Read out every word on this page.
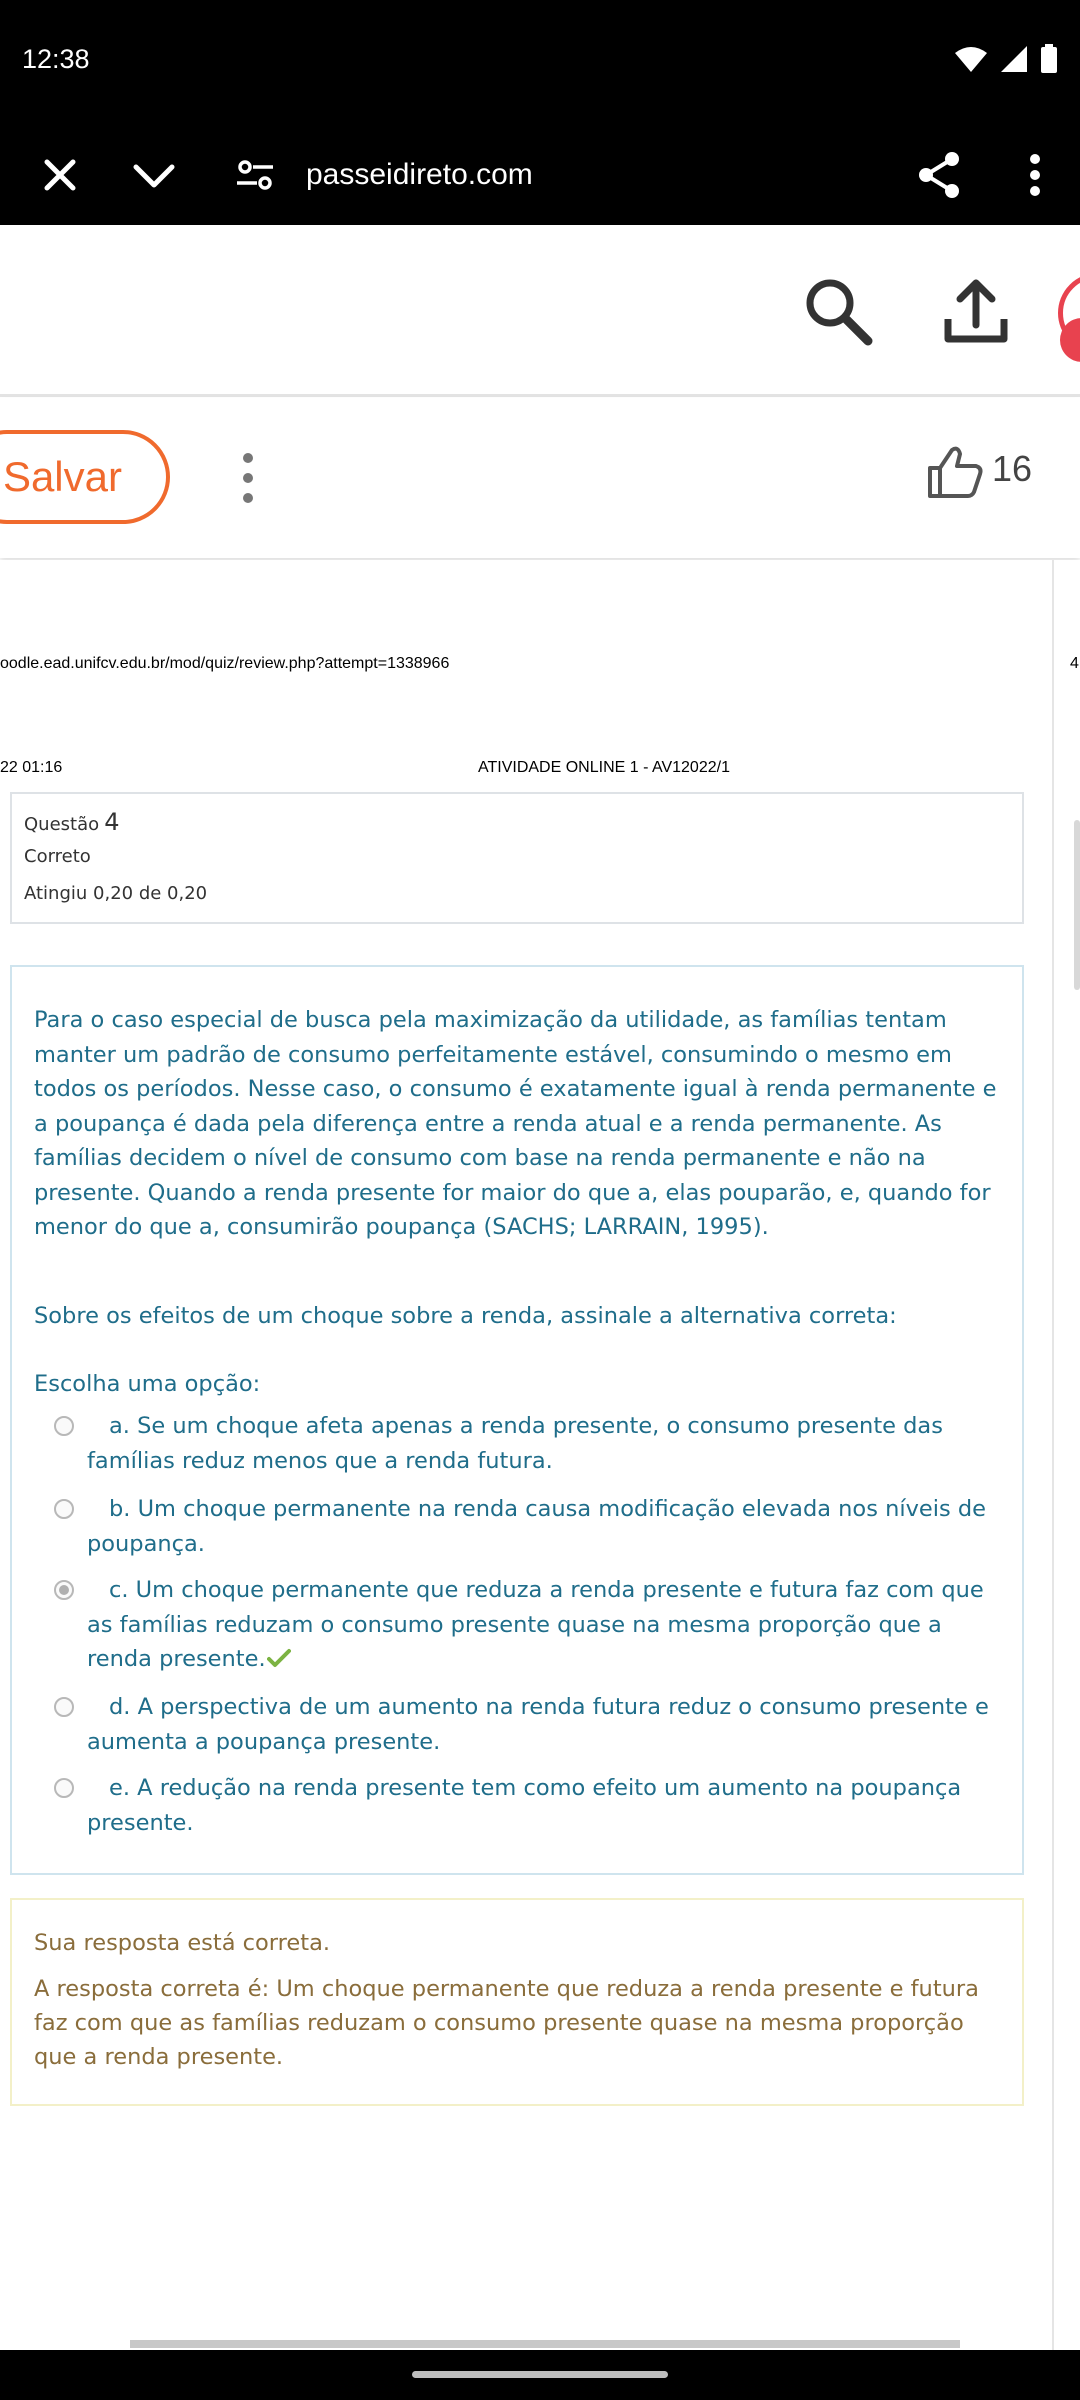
12:38
passeidireto.com
Salvar	16
oodle.ead.unifcv.edu.br/mod/quiz/review.php?attempt=1338966	4
22 01:16	ATIVIDADE ONLINE 1 - AV12022/1
Questão 4
Correto
Atingiu 0,20 de 0,20
Para o caso especial de busca pela maximização da utilidade, as famílias tentam manter um padrão de consumo perfeitamente estável, consumindo o mesmo em todos os períodos. Nesse caso, o consumo é exatamente igual à renda permanente e a poupança é dada pela diferença entre a renda atual e a renda permanente. As famílias decidem o nível de consumo com base na renda permanente e não na presente. Quando a renda presente for maior do que a, elas pouparão, e, quando for menor do que a, consumirão poupança (SACHS; LARRAIN, 1995).
Sobre os efeitos de um choque sobre a renda, assinale a alternativa correta:
Escolha uma opção:
a. Se um choque afeta apenas a renda presente, o consumo presente das famílias reduz menos que a renda futura.
b. Um choque permanente na renda causa modificação elevada nos níveis de poupança.
c. Um choque permanente que reduza a renda presente e futura faz com que as famílias reduzam o consumo presente quase na mesma proporção que a renda presente.
d. A perspectiva de um aumento na renda futura reduz o consumo presente e aumenta a poupança presente.
e. A redução na renda presente tem como efeito um aumento na poupança presente.
Sua resposta está correta.
A resposta correta é: Um choque permanente que reduza a renda presente e futura faz com que as famílias reduzam o consumo presente quase na mesma proporção que a renda presente.
